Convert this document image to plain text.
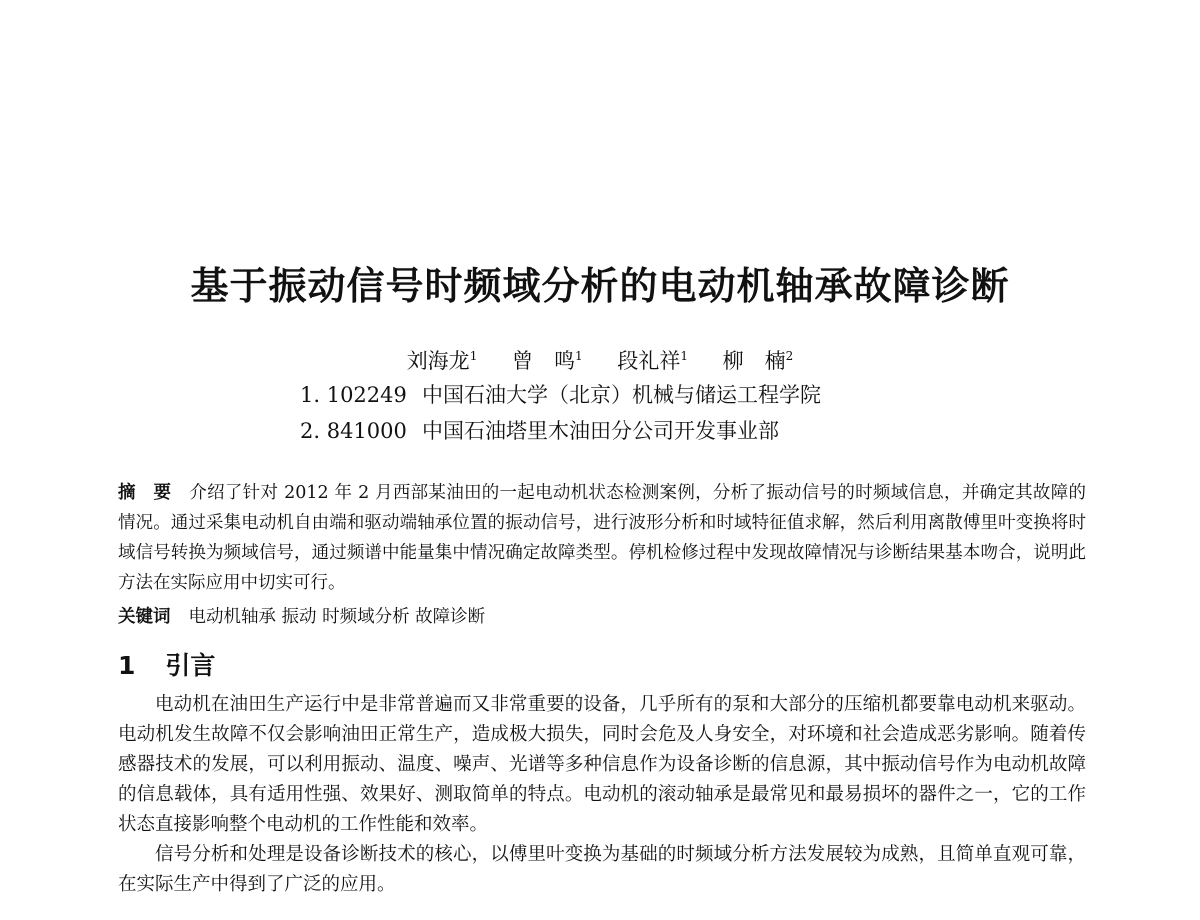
基于振动信号时频域分析的电动机轴承故障诊断
刘海龙$^1$ 曾　鸣$^1$ 段礼祥$^1$ 柳　楠$^2$
1. 102249 中国石油大学（北京）机械与储运工程学院
2. 841000 中国石油塔里木油田分公司开发事业部
摘　要 介绍了针对 2012 年 2 月西部某油田的一起电动机状态检测案例，分析了振动信号的时频域信息，并确定其故障的情况。通过采集电动机自由端和驱动端轴承位置的振动信号，进行波形分析和时域特征值求解，然后利用离散傅里叶变换将时域信号转换为频域信号，通过频谱中能量集中情况确定故障类型。停机检修过程中发现故障情况与诊断结果基本吻合，说明此方法在实际应用中切实可行。
关键词 电动机轴承 振动 时频域分析 故障诊断
1 引言

电动机在油田生产运行中是非常普遍而又非常重要的设备，几乎所有的泵和大部分的压缩机都要靠电动机来驱动。电动机发生故障不仅会影响油田正常生产，造成极大损失，同时会危及人身安全，对环境和社会造成恶劣影响。随着传感器技术的发展，可以利用振动、温度、噪声、光谱等多种信息作为设备诊断的信息源，其中振动信号作为电动机故障的信息载体，具有适用性强、效果好、测取简单的特点。电动机的滚动轴承是最常见和最易损坏的器件之一，它的工作状态直接影响整个电动机的工作性能和效率。

信号分析和处理是设备诊断技术的核心，以傅里叶变换为基础的时频域分析方法发展较为成熟，且简单直观可靠，在实际生产中得到了广泛的应用。
